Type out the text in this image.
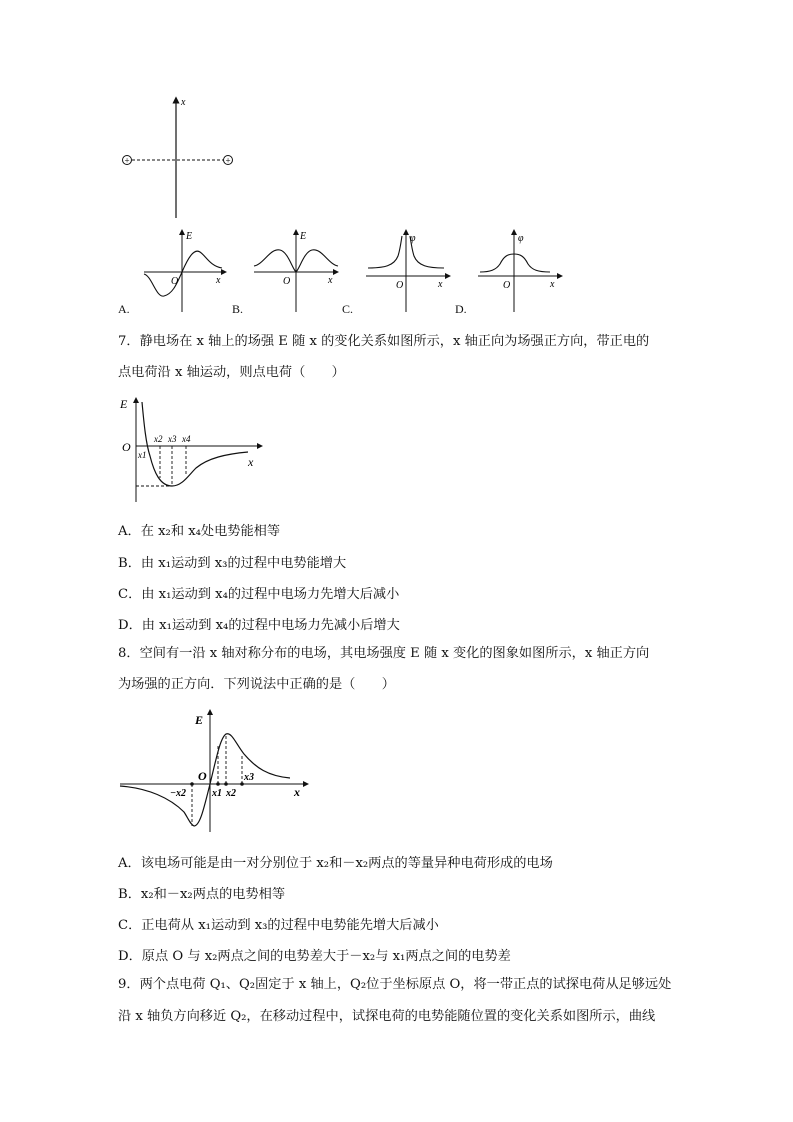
+	+
x
A.
E
O	x
B.
E
O	x
C.
φ
O	x
D.
φ
O	x
7．静电场在 x 轴上的场强 E 随 x 的变化关系如图所示，x 轴正向为场强正方向，带正电的
点电荷沿 x 轴运动，则点电荷（　　）
E
O
x
x1
x2 x3 x4
A．在 x₂和 x₄处电势能相等
B．由 x₁运动到 x₃的过程中电势能增大
C．由 x₁运动到 x₄的过程中电场力先增大后减小
D．由 x₁运动到 x₄的过程中电场力先减小后增大
8．空间有一沿 x 轴对称分布的电场，其电场强度 E 随 x 变化的图象如图所示，x 轴正方向
为场强的正方向．下列说法中正确的是（　　）
E
O
x
−x2	x1 x2
x3
A．该电场可能是由一对分别位于 x₂和－x₂两点的等量异种电荷形成的电场
B．x₂和－x₂两点的电势相等
C．正电荷从 x₁运动到 x₃的过程中电势能先增大后减小
D．原点 O 与 x₂两点之间的电势差大于－x₂与 x₁两点之间的电势差
9．两个点电荷 Q₁、Q₂固定于 x 轴上，Q₂位于坐标原点 O，将一带正点的试探电荷从足够远处
沿 x 轴负方向移近 Q₂，在移动过程中，试探电荷的电势能随位置的变化关系如图所示，曲线
